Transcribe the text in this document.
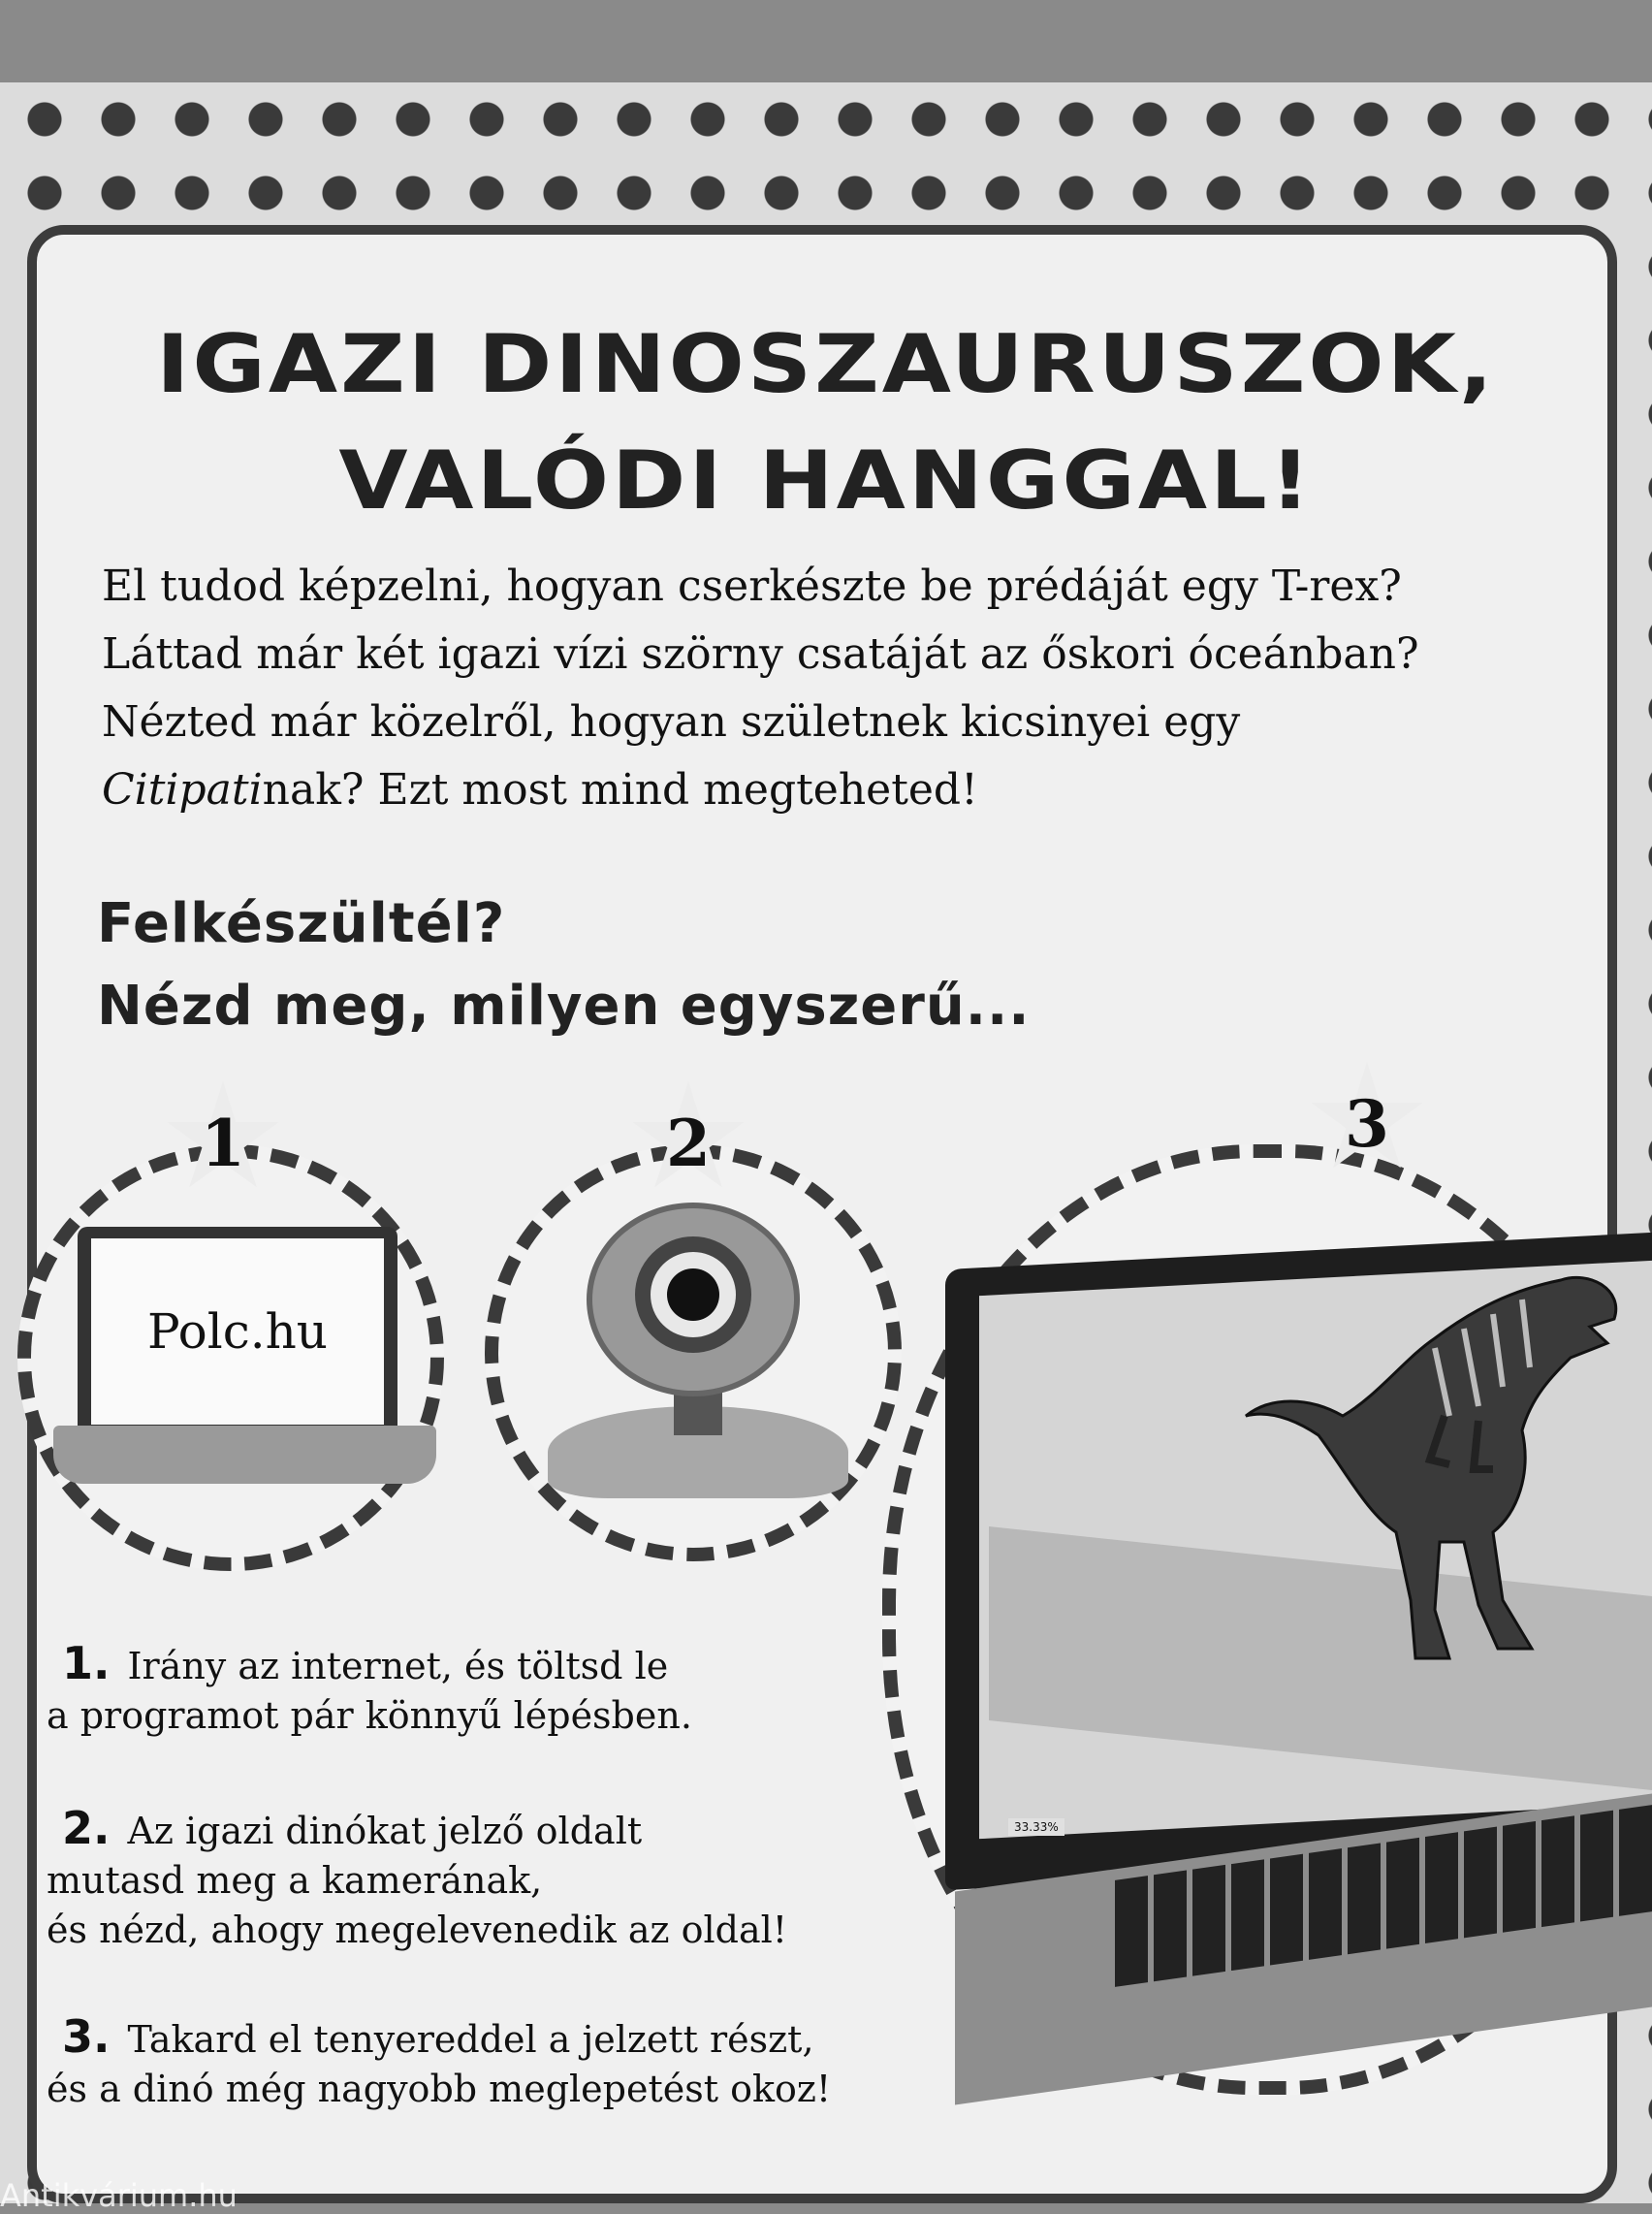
IGAZI DINOSZAURUSZOK,
VALÓDI HANGGAL!

El tudod képzelni, hogyan cserkészte be prédáját egy T-rex?

Láttad már két igazi vízi szörny csatáját az őskori óceánban?

Nézted már közelről, hogyan születnek kicsinyei egy

Citipatinak? Ezt most mind megteheted!

Felkészültél?
Nézd meg, milyen egyszerű...
Polc.hu
33.33%
1	2	3
1. Irány az internet, és töltsd le
a programot pár könnyű lépésben.
2. Az igazi dinókat jelző oldalt
mutasd meg a kamerának,
és nézd, ahogy megelevenedik az oldal!
3. Takard el tenyereddel a jelzett részt,
és a dinó még nagyobb meglepetést okoz!
Antikvárium.hu
